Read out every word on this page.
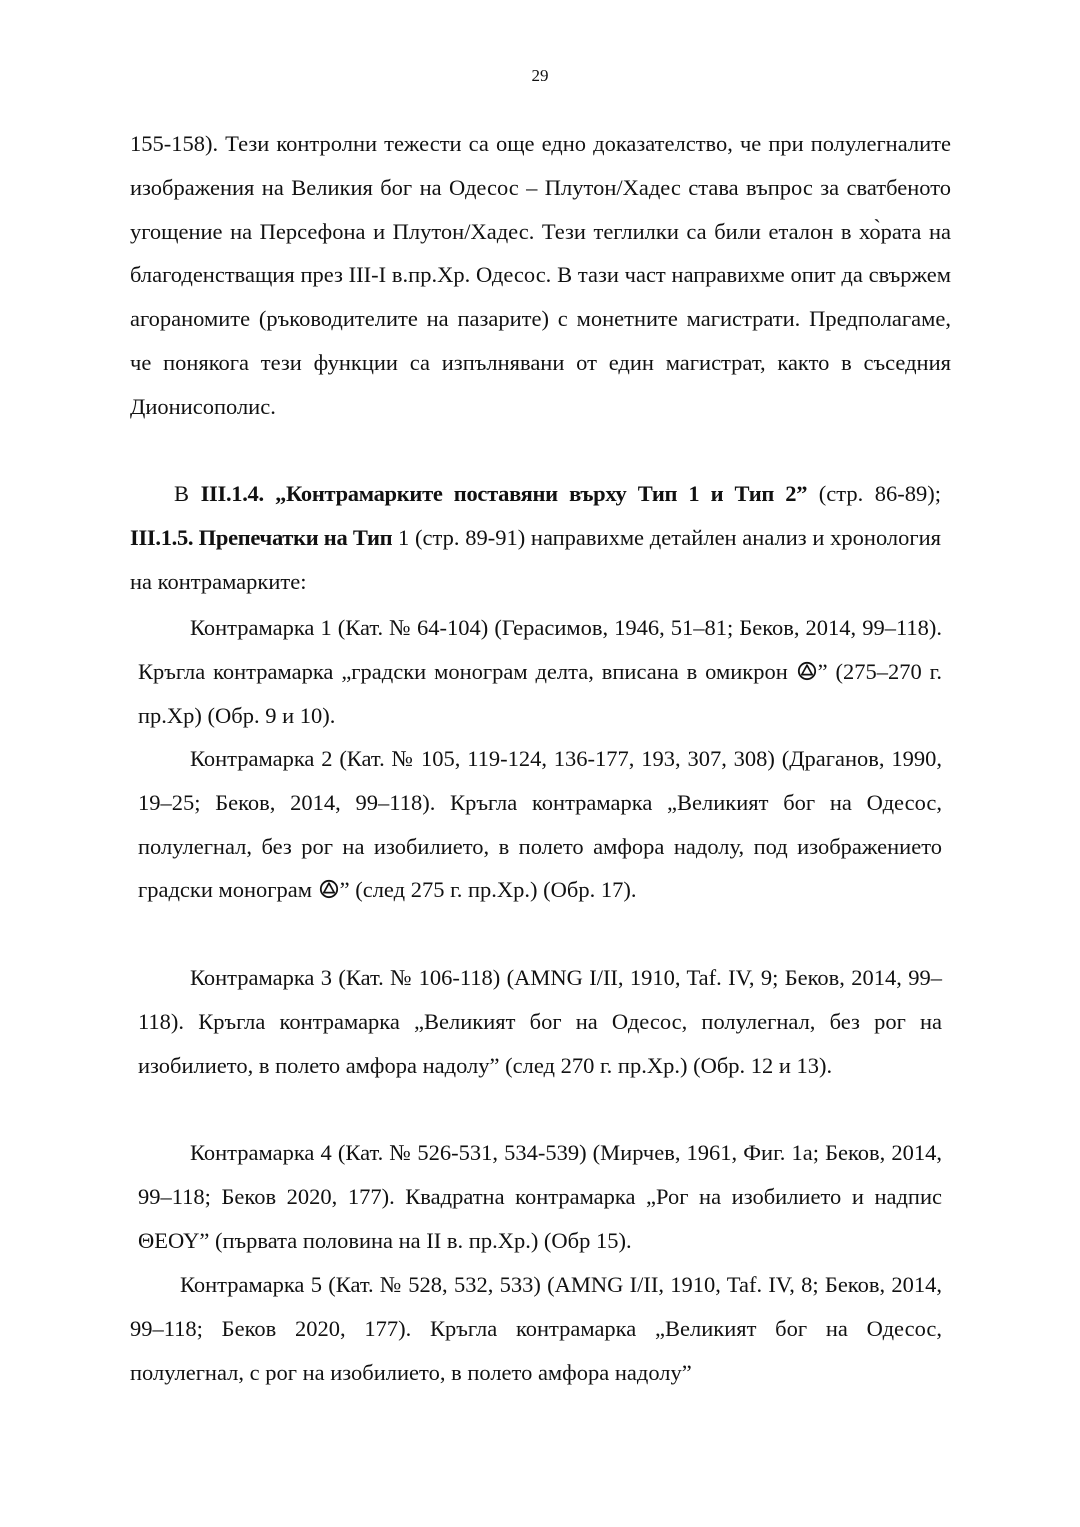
29

155-158). Тези контролни тежести са още едно доказателство, че при полулегналите изображения на Великия бог на Одесос – Плутон/Хадес става въпрос за сватбеното угощение на Персефона и Плутон/Хадес. Тези теглилки са били еталон в хо̀рата на благоденстващия през III-I в.пр.Хр. Одесос. В тази част направихме опит да свържем агораномите (ръководителите на пазарите) с монетните магистрати. Предполагаме, че понякога тези функции са изпълнявани от един магистрат, както в съседния Дионисополис.

В III.1.4. „Контрамарките поставяни върху Тип 1 и Тип 2” (стр. 86-89); III.1.5. Препечатки на Тип 1 (стр. 89-91) направихме детайлен анализ и хронология на контрамарките:

Контрамарка 1 (Кат. № 64-104) (Герасимов, 1946, 51–81; Беков, 2014, 99–118). Кръгла контрамарка „градски монограм делта, вписана в омикрон ” (275–270 г. пр.Хр) (Обр. 9 и 10).

Контрамарка 2 (Кат. № 105, 119-124, 136-177, 193, 307, 308) (Драганов, 1990, 19–25; Беков, 2014, 99–118). Кръгла контрамарка „Великият бог на Одесос, полулегнал, без рог на изобилието, в полето амфора надолу, под изображението градски монограм ” (след 275 г. пр.Хр.) (Обр. 17).

Контрамарка 3 (Кат. № 106-118) (AMNG I/II, 1910, Taf. IV, 9; Беков, 2014, 99–118). Кръгла контрамарка „Великият бог на Одесос, полулегнал, без рог на изобилието, в полето амфора надолу” (след 270 г. пр.Хр.) (Обр. 12 и 13).

Контрамарка 4 (Кат. № 526-531, 534-539) (Мирчев, 1961, Фиг. 1а; Беков, 2014, 99–118; Беков 2020, 177). Квадратна контрамарка „Рог на изобилието и надпис ΘΕΟΥ” (първата половина на II в. пр.Хр.) (Обр 15).

Контрамарка 5 (Кат. № 528, 532, 533) (AMNG I/II, 1910, Taf. IV, 8; Беков, 2014, 99–118; Беков 2020, 177). Кръгла контрамарка „Великият бог на Одесос, полулегнал, с рог на изобилието, в полето амфора надолу”
